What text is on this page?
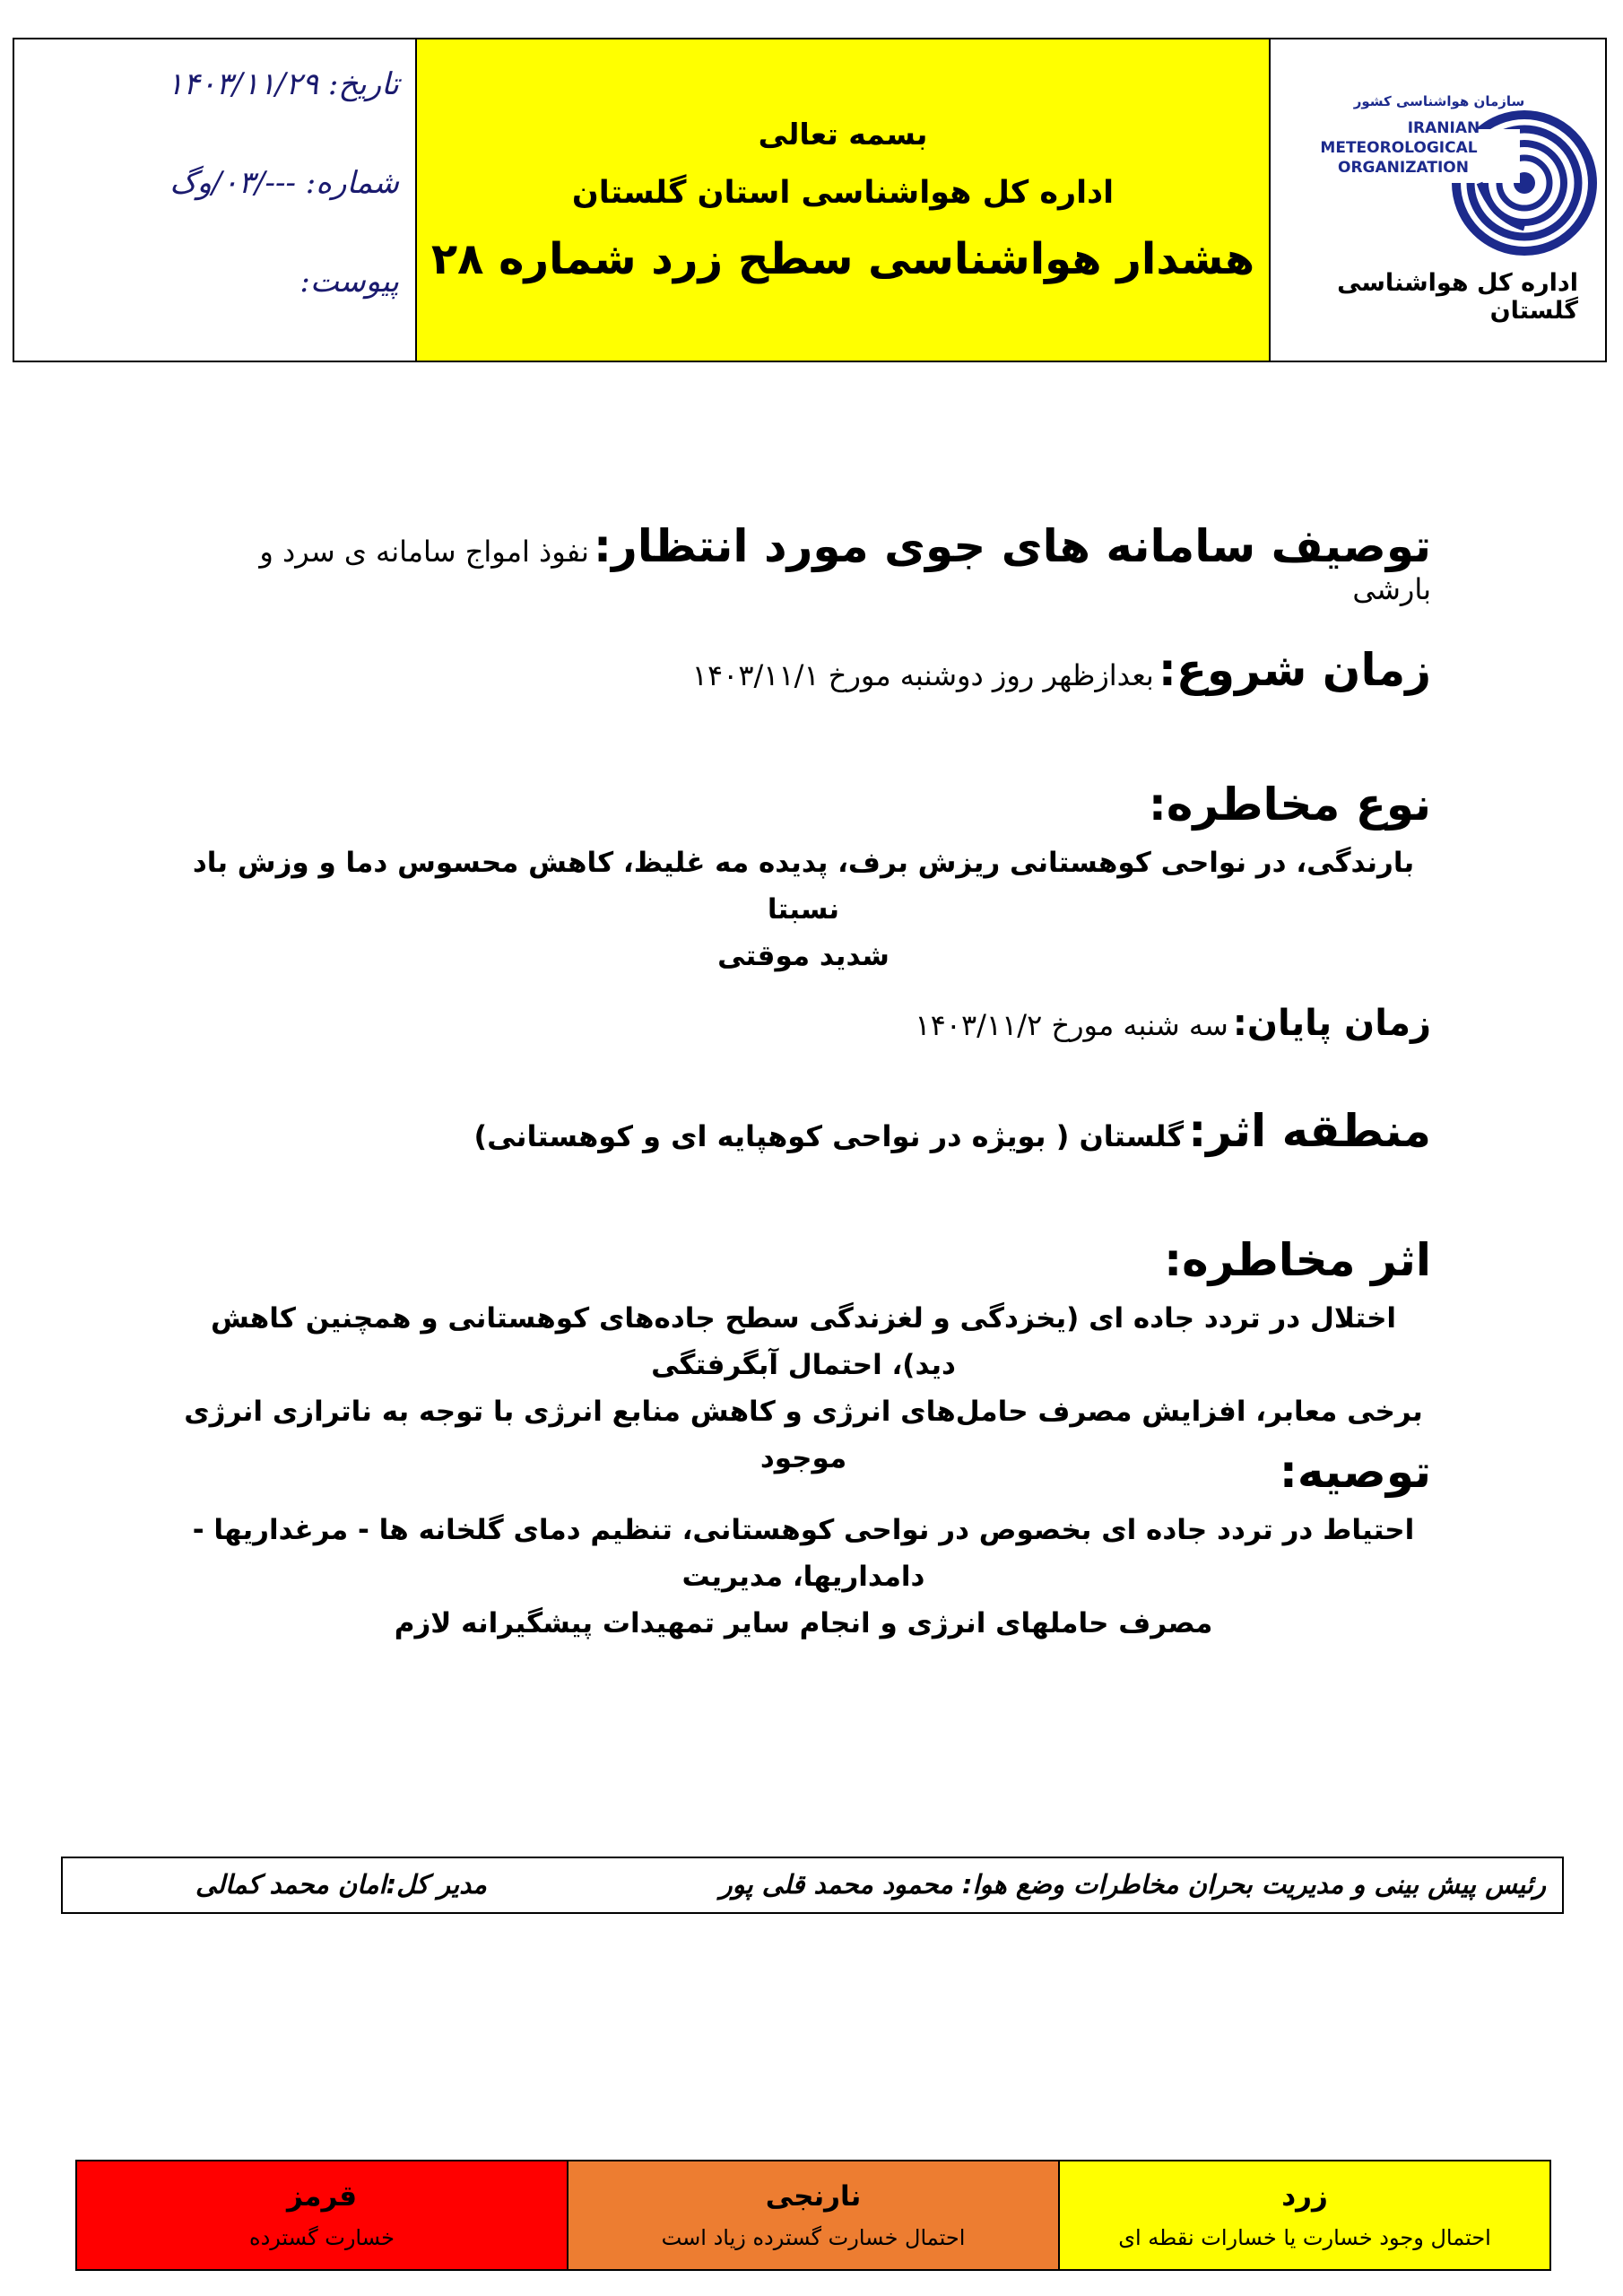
تاریخ: ۱۴۰۳/۱۱/۲۹
شماره: ---/۰۳/و‌گ
پیوست:
بسمه تعالی
اداره کل هواشناسی استان گلستان
هشدار هواشناسی سطح زرد شماره ۲۸
سازمان هواشناسی کشور
IRANIAN
METEOROLOGICAL
ORGANIZATION
اداره کل هواشناسی گلستان
توصیف سامانه های جوی مورد انتظار: نفوذ امواج سامانه ی سرد و بارشی
زمان شروع: بعدازظهر روز دوشنبه مورخ ۱۴۰۳/۱۱/۱
نوع مخاطره:
بارندگی، در نواحی کوهستانی ریزش برف، پدیده مه غلیظ، کاهش محسوس دما و وزش باد نسبتا
شدید موقتی
زمان پایان: سه شنبه مورخ ۱۴۰۳/۱۱/۲
منطقه اثر: گلستان ( بویژه در نواحی کوهپایه ای و کوهستانی)
اثر مخاطره:
اختلال در تردد جاده ای (یخزدگی و لغزندگی سطح جاده‌های کوهستانی و همچنین کاهش دید)، احتمال آبگرفتگی
برخی معابر، افزایش مصرف حامل‌های انرژی و کاهش منابع انرژی با توجه به ناترازی انرژی موجود	توصیه:
احتیاط در تردد جاده ای بخصوص در نواحی کوهستانی، تنظیم دمای گلخانه ها - مرغداریها - دامداریها، مدیریت
مصرف حاملهای انرژی و انجام سایر تمهیدات پیشگیرانه لازم
رئیس پیش بینی و مدیریت بحران مخاطرات وضع هوا: محمود محمد قلی پور
مدیر کل:امان محمد کمالی
قرمز
خسارت گسترده
نارنجی
احتمال خسارت گسترده زیاد است
زرد
احتمال وجود خسارت یا خسارات نقطه ای
